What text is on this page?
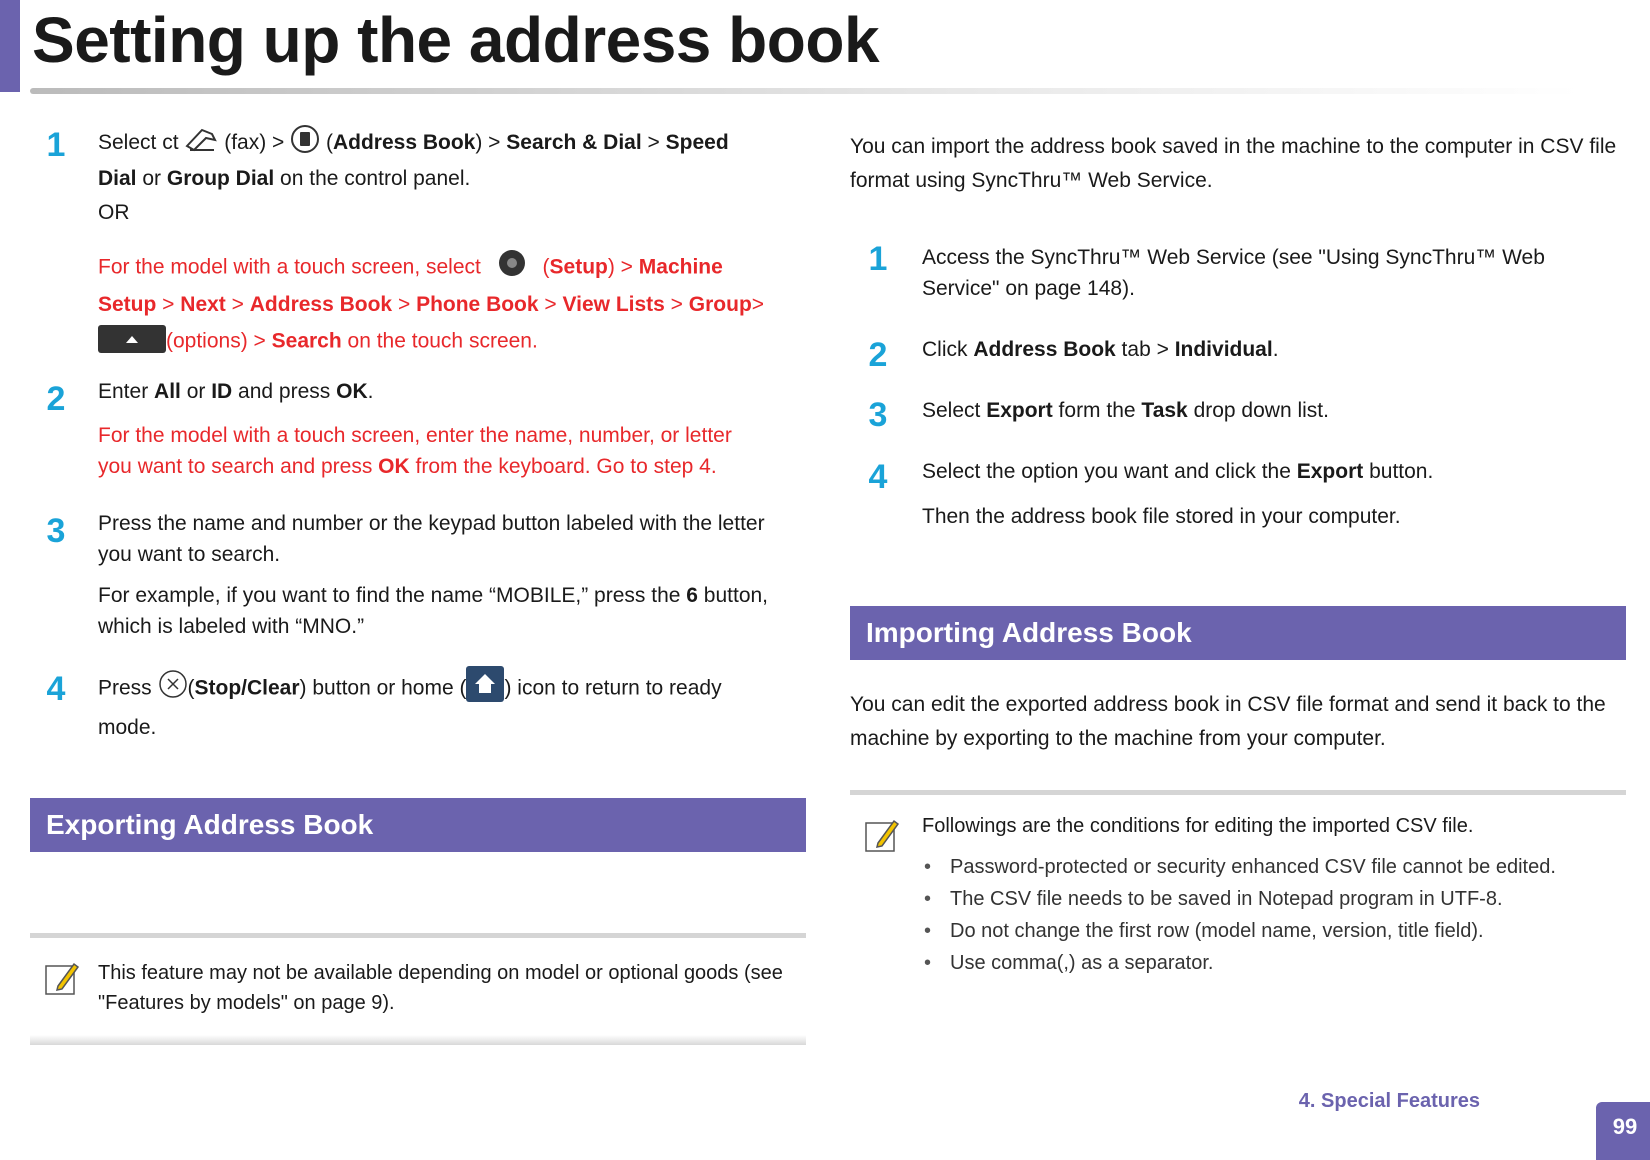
Setting up the address book
1	Select ct  (fax) >  (Address Book) > Search & Dial > Speed Dial or Group Dial on the control panel.
OR
For the model with a touch screen, select  (Setup) > Machine Setup > Next > Address Book > Phone Book > View Lists > Group>
(options) > Search on the touch screen.
2	Enter All or ID and press OK.
For the model with a touch screen, enter the name, number, or letter you want to search and press OK from the keyboard. Go to step 4.
3	Press the name and number or the keypad button labeled with the letter you want to search.
For example, if you want to find the name “MOBILE,” press the 6 button, which is labeled with “MNO.”
4	Press (Stop/Clear) button or home ( ) icon to return to ready mode.
Exporting Address Book
This feature may not be available depending on model or optional goods (see "Features by models" on page 9).
You can import the address book saved in the machine to the computer in CSV file format using SyncThru™ Web Service.
1	Access the SyncThru™ Web Service (see "Using SyncThru™ Web Service" on page 148).
2	Click Address Book tab > Individual.
3	Select Export form the Task drop down list.
4	Select the option you want and click the Export button.
Then the address book file stored in your computer.
Importing Address Book
You can edit the exported address book in CSV file format and send it back to the machine by exporting to the machine from your computer.
Followings are the conditions for editing the imported CSV file.
• Password-protected or security enhanced CSV file cannot be edited.
• The CSV file needs to be saved in Notepad program in UTF-8.
• Do not change the first row (model name, version, title field).
• Use comma(,) as a separator.
4. Special Features
99
